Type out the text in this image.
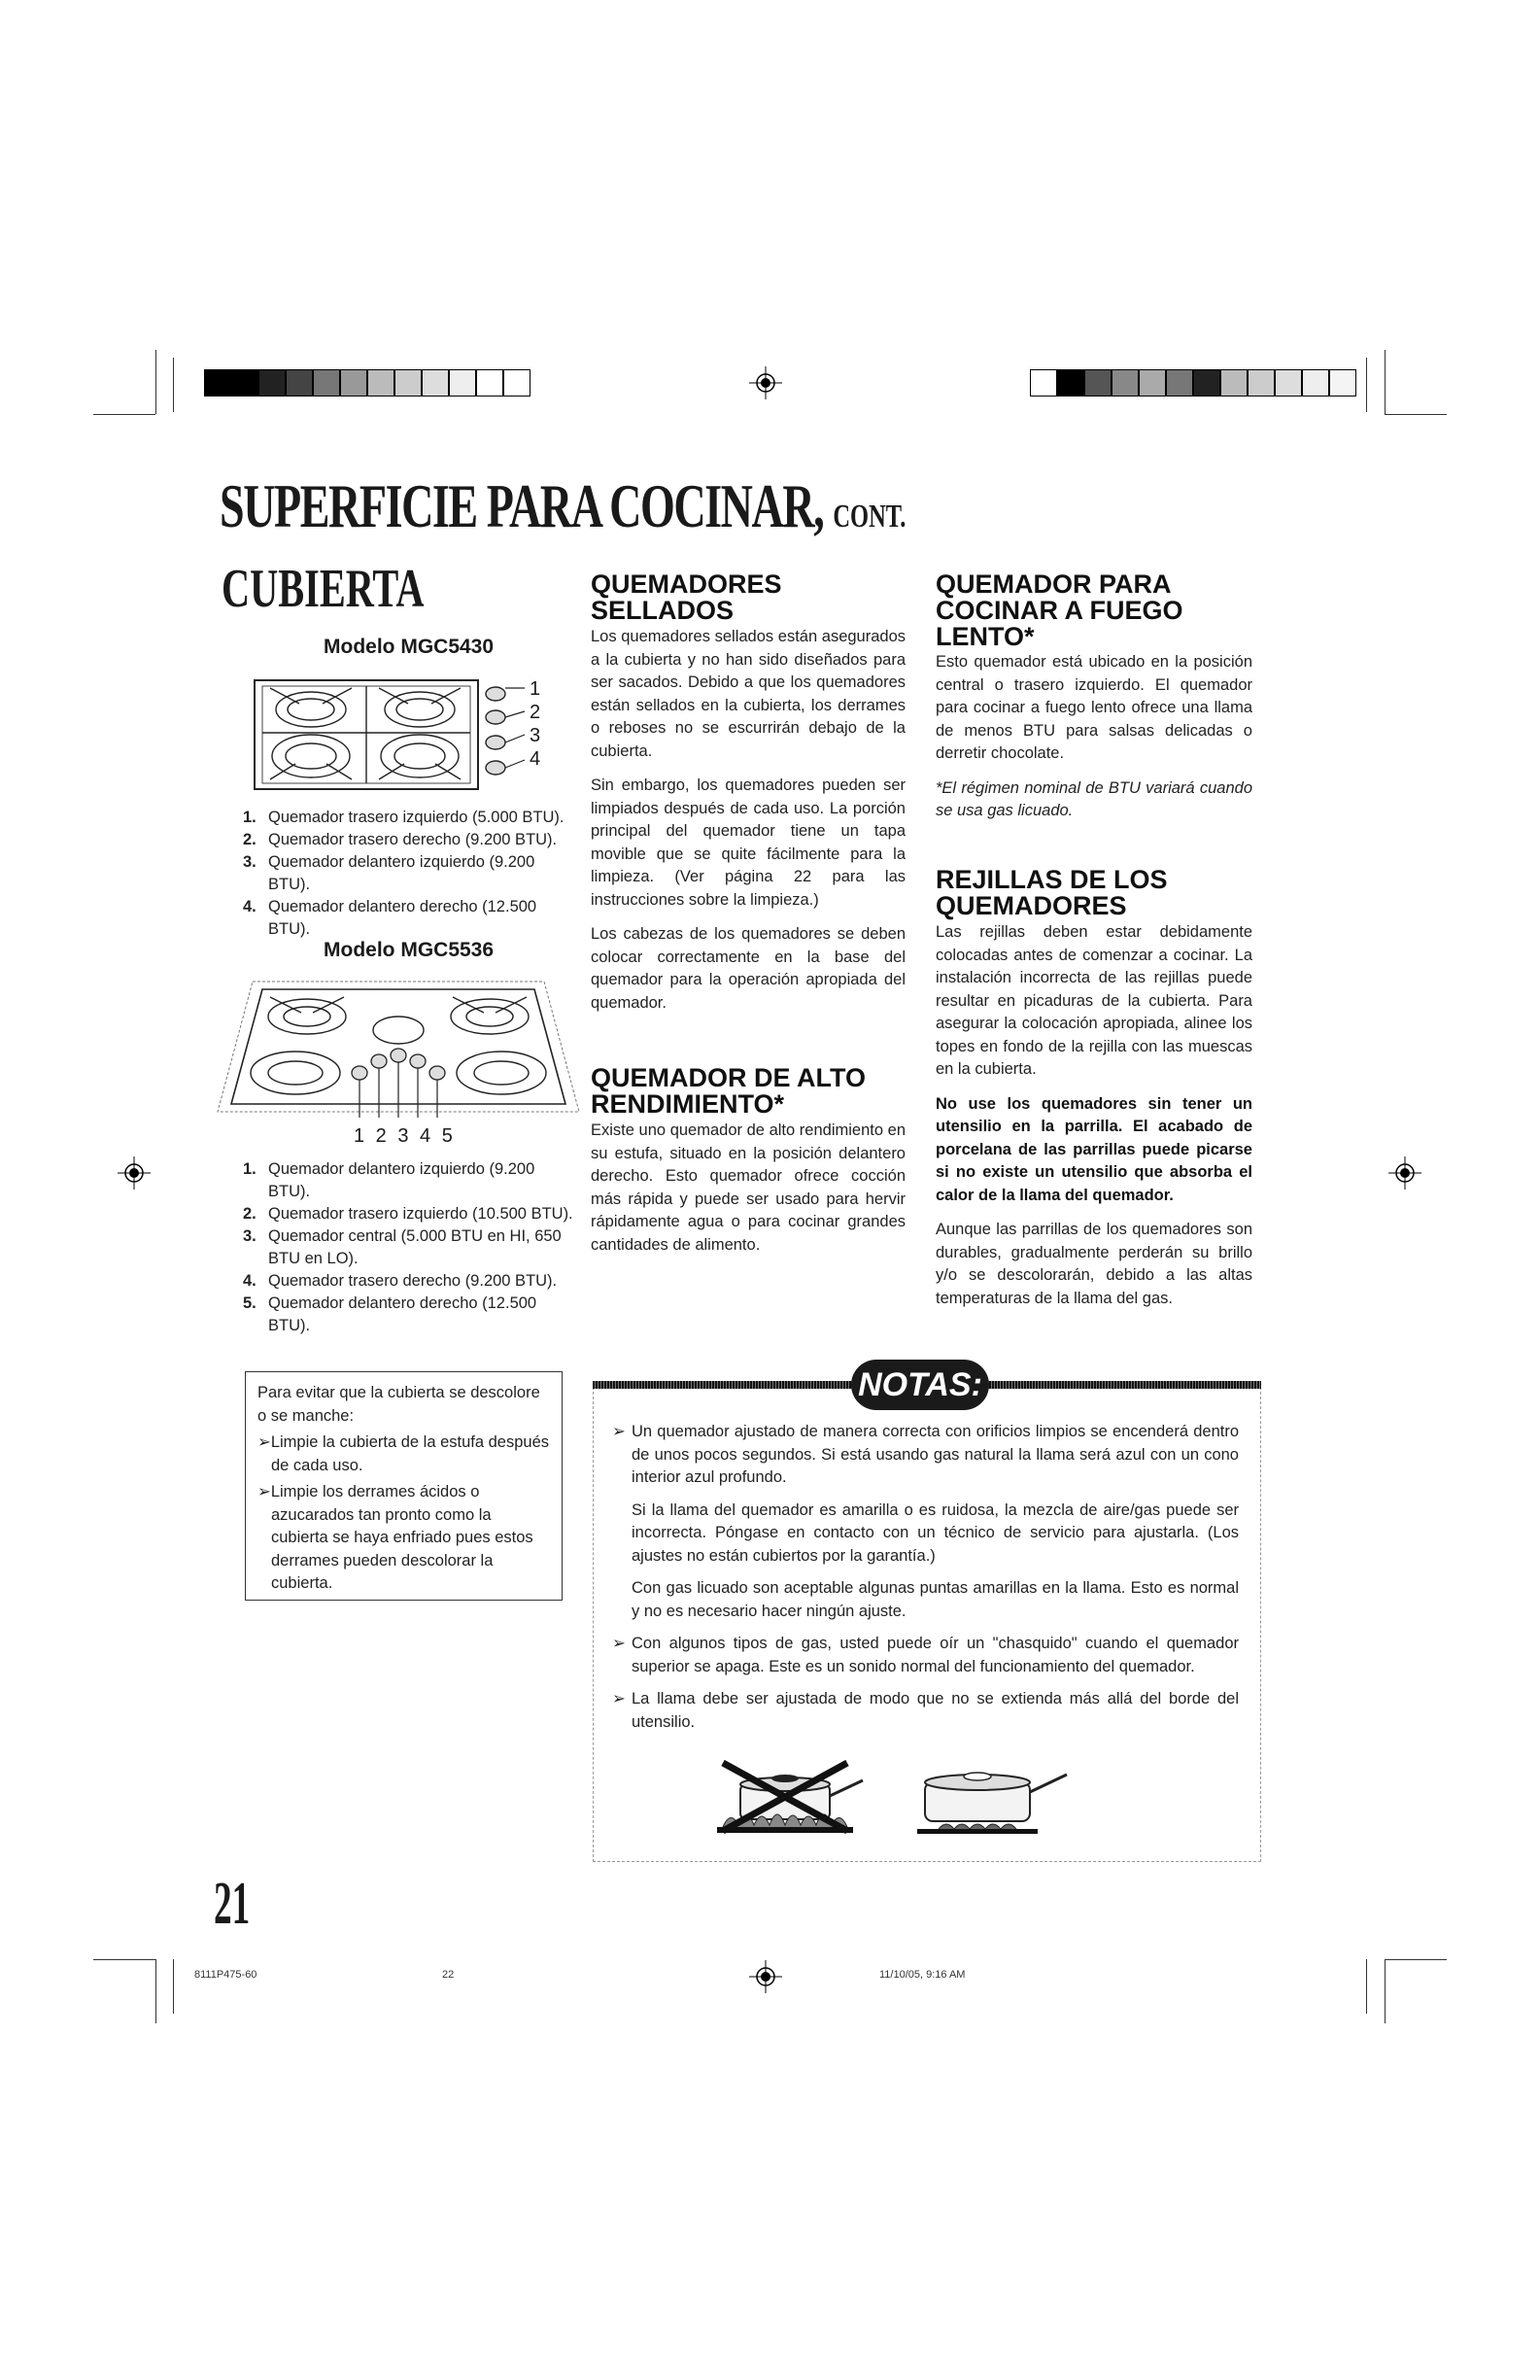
SUPERFICIE PARA COCINAR, CONT.
CUBIERTA
Modelo MGC5430
1
2
3
4
1. Quemador trasero izquierdo (5.000 BTU).
2. Quemador trasero derecho (9.200 BTU).
3. Quemador delantero izquierdo (9.200 BTU).
4. Quemador delantero derecho (12.500 BTU).
Modelo MGC5536
1 2 3 4 5
1. Quemador delantero izquierdo (9.200 BTU).
2. Quemador trasero izquierdo (10.500 BTU).
3. Quemador central (5.000 BTU en HI, 650 BTU en LO).
4. Quemador trasero derecho (9.200 BTU).
5. Quemador delantero derecho (12.500 BTU).
Para evitar que la cubierta se descolore o se manche:
➢Limpie la cubierta de la estufa después de cada uso.
➢Limpie los derrames ácidos o azucarados tan pronto como la cubierta se haya enfriado pues estos derrames pueden descolorar la cubierta.
QUEMADORES
SELLADOS

Los quemadores sellados están asegurados a la cubierta y no han sido diseñados para ser sacados. Debido a que los quemadores están sellados en la cubierta, los derrames o reboses no se escurrirán debajo de la cubierta.

Sin embargo, los quemadores pueden ser limpiados después de cada uso. La porción principal del quemador tiene un tapa movible que se quite fácilmente para la limpieza. (Ver página 22 para las instrucciones sobre la limpieza.)

Los cabezas de los quemadores se deben colocar correctamente en la base del quemador para la operación apropiada del quemador.

QUEMADOR DE ALTO
RENDIMIENTO*

Existe uno quemador de alto rendimiento en su estufa, situado en la posición delantero derecho. Esto quemador ofrece cocción más rápida y puede ser usado para hervir rápidamente agua o para cocinar grandes cantidades de alimento.

QUEMADOR PARA
COCINAR A FUEGO
LENTO*

Esto quemador está ubicado en la posición central o trasero izquierdo. El quemador para cocinar a fuego lento ofrece una llama de menos BTU para salsas delicadas o derretir chocolate.

*El régimen nominal de BTU variará cuando se usa gas licuado.

REJILLAS DE LOS
QUEMADORES

Las rejillas deben estar debidamente colocadas antes de comenzar a cocinar. La instalación incorrecta de las rejillas puede resultar en picaduras de la cubierta. Para asegurar la colocación apropiada, alinee los topes en fondo de la rejilla con las muescas en la cubierta.

No use los quemadores sin tener un utensilio en la parrilla. El acabado de porcelana de las parrillas puede picarse si no existe un utensilio que absorba el calor de la llama del quemador.

Aunque las parrillas de los quemadores son durables, gradualmente perderán su brillo y/o se descolorarán, debido a las altas temperaturas de la llama del gas.

NOTAS:
➢ Un quemador ajustado de manera correcta con orificios limpios se encenderá dentro de unos pocos segundos. Si está usando gas natural la llama será azul con un cono interior azul profundo.
Si la llama del quemador es amarilla o es ruidosa, la mezcla de aire/gas puede ser incorrecta. Póngase en contacto con un técnico de servicio para ajustarla. (Los ajustes no están cubiertos por la garantía.)
Con gas licuado son aceptable algunas puntas amarillas en la llama. Esto es normal y no es necesario hacer ningún ajuste.
➢ Con algunos tipos de gas, usted puede oír un "chasquido" cuando el quemador superior se apaga. Este es un sonido normal del funcionamiento del quemador.
➢ La llama debe ser ajustada de modo que no se extienda más allá del borde del utensilio.
21
8111P475-60	22	11/10/05, 9:16 AM
